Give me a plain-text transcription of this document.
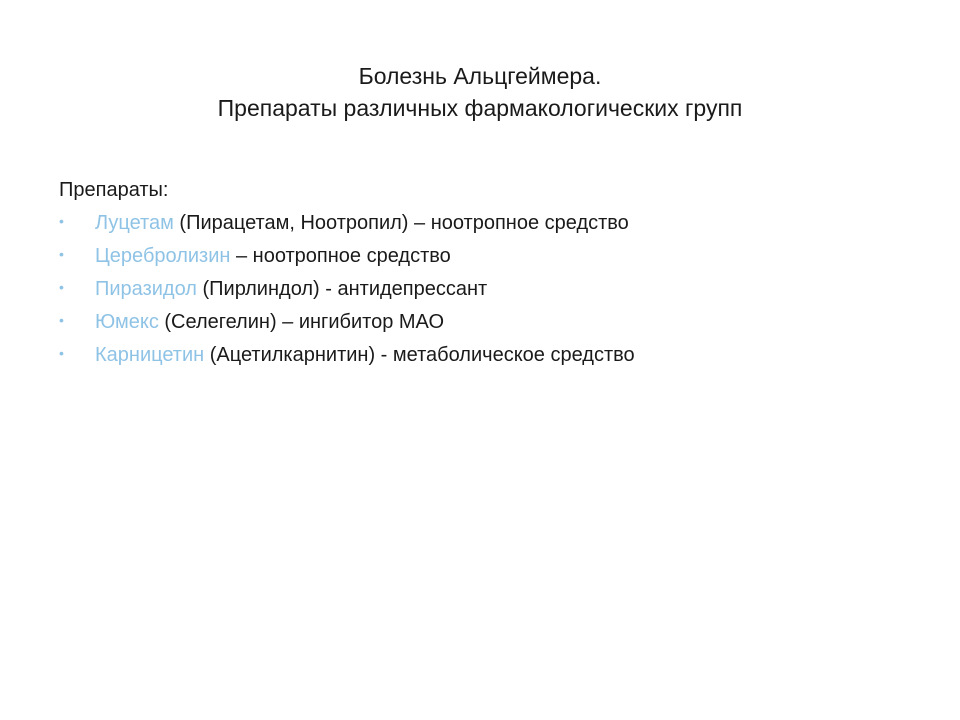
Болезнь Альцгеймера.
Препараты различных фармакологических групп
Препараты:
• Луцетам (Пирацетам, Ноотропил) – ноотропное средство
• Церебролизин – ноотропное средство
• Пиразидол (Пирлиндол) - антидепрессант
• Юмекс (Селегелин) – ингибитор МАО
• Карницетин (Ацетилкарнитин) - метаболическое средство
